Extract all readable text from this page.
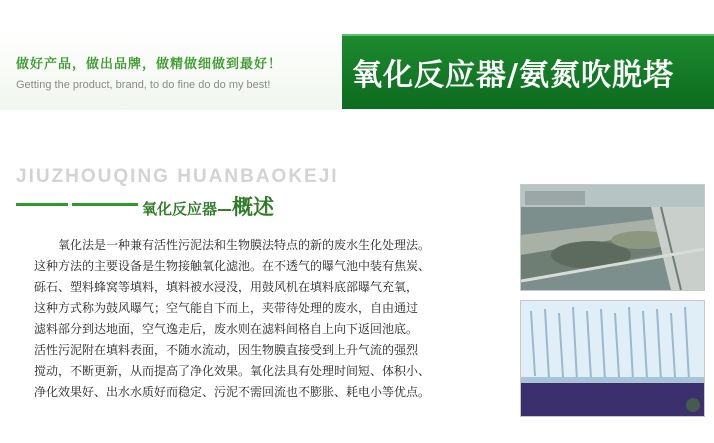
做好产品，做出品牌，做精做细做到最好！
Getting the product, brand, to do fine do do my best!	氧化反应器/氨氮吹脱塔
JIUZHOUQING HUANBAOKEJI
氧化反应器—概述
氧化法是一种兼有活性污泥法和生物膜法特点的新的废水生化处理法。
这种方法的主要设备是生物接触氧化滤池。在不透气的曝气池中装有焦炭、
砾石、塑料蜂窝等填料，填料被水浸没，用鼓风机在填料底部曝气充氧，
这种方式称为鼓风曝气；空气能自下而上，夹带待处理的废水，自由通过
滤料部分到达地面，空气逸走后，废水则在滤料间格自上向下返回池底。
活性污泥附在填料表面，不随水流动，因生物膜直接受到上升气流的强烈
搅动，不断更新，从而提高了净化效果。氧化法具有处理时间短、体积小、
净化效果好、出水水质好而稳定、污泥不需回流也不膨胀、耗电小等优点。
